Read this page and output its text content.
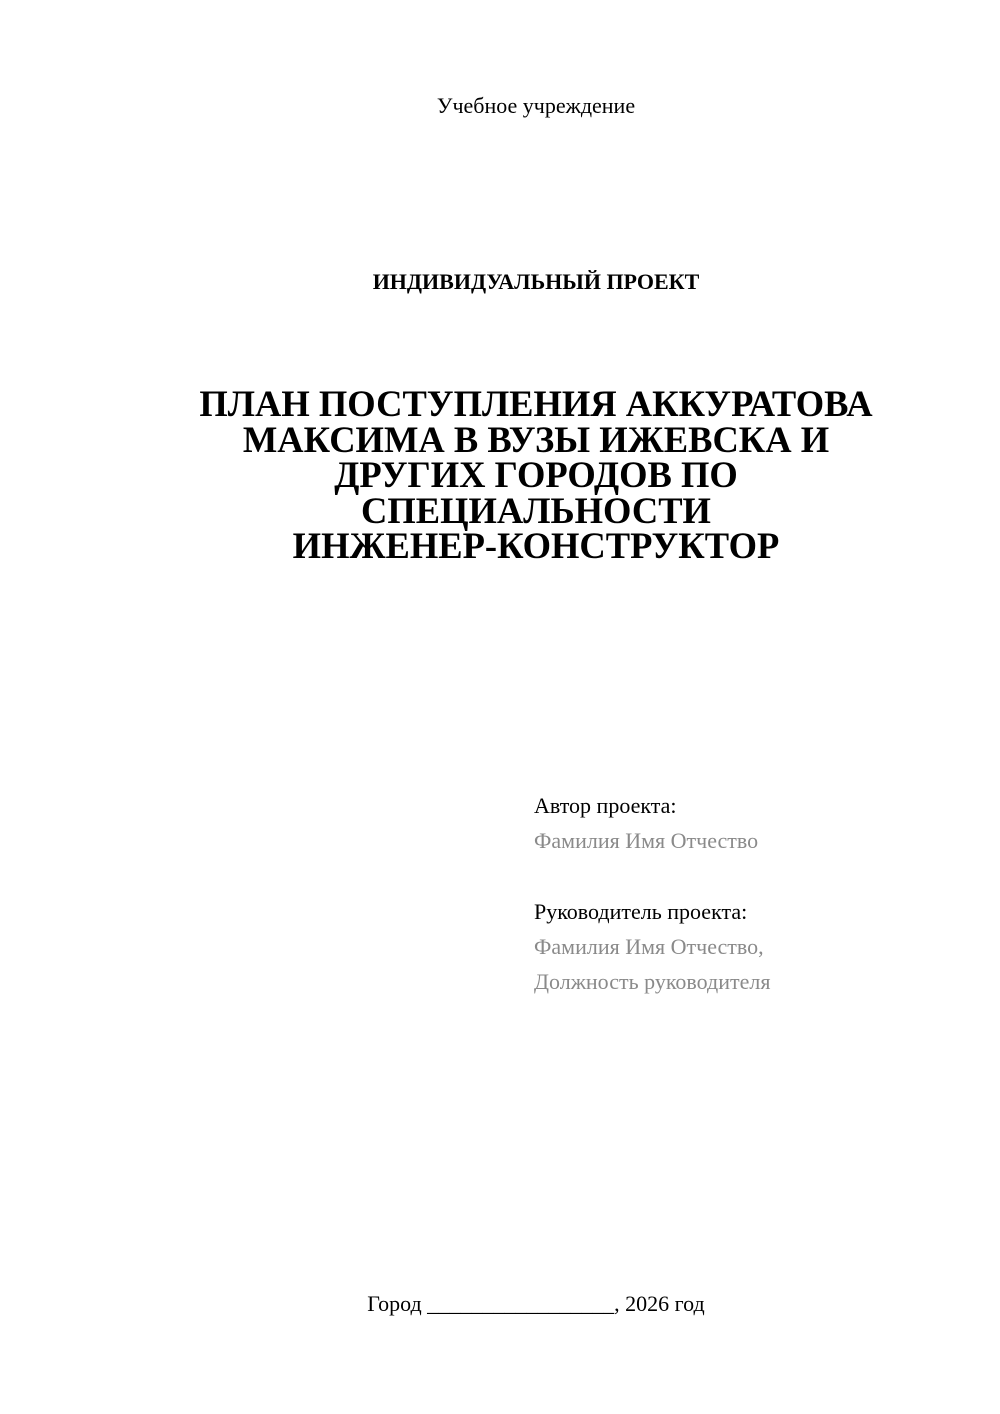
Учебное учреждение
ИНДИВИДУАЛЬНЫЙ ПРОЕКТ
ПЛАН ПОСТУПЛЕНИЯ АККУРАТОВА
МАКСИМА В ВУЗЫ ИЖЕВСКА И
ДРУГИХ ГОРОДОВ ПО
СПЕЦИАЛЬНОСТИ
ИНЖЕНЕР-КОНСТРУКТОР
Автор проекта:
Фамилия Имя Отчество
Руководитель проекта:
Фамилия Имя Отчество,
Должность руководителя
Город _________________, 2026 год
